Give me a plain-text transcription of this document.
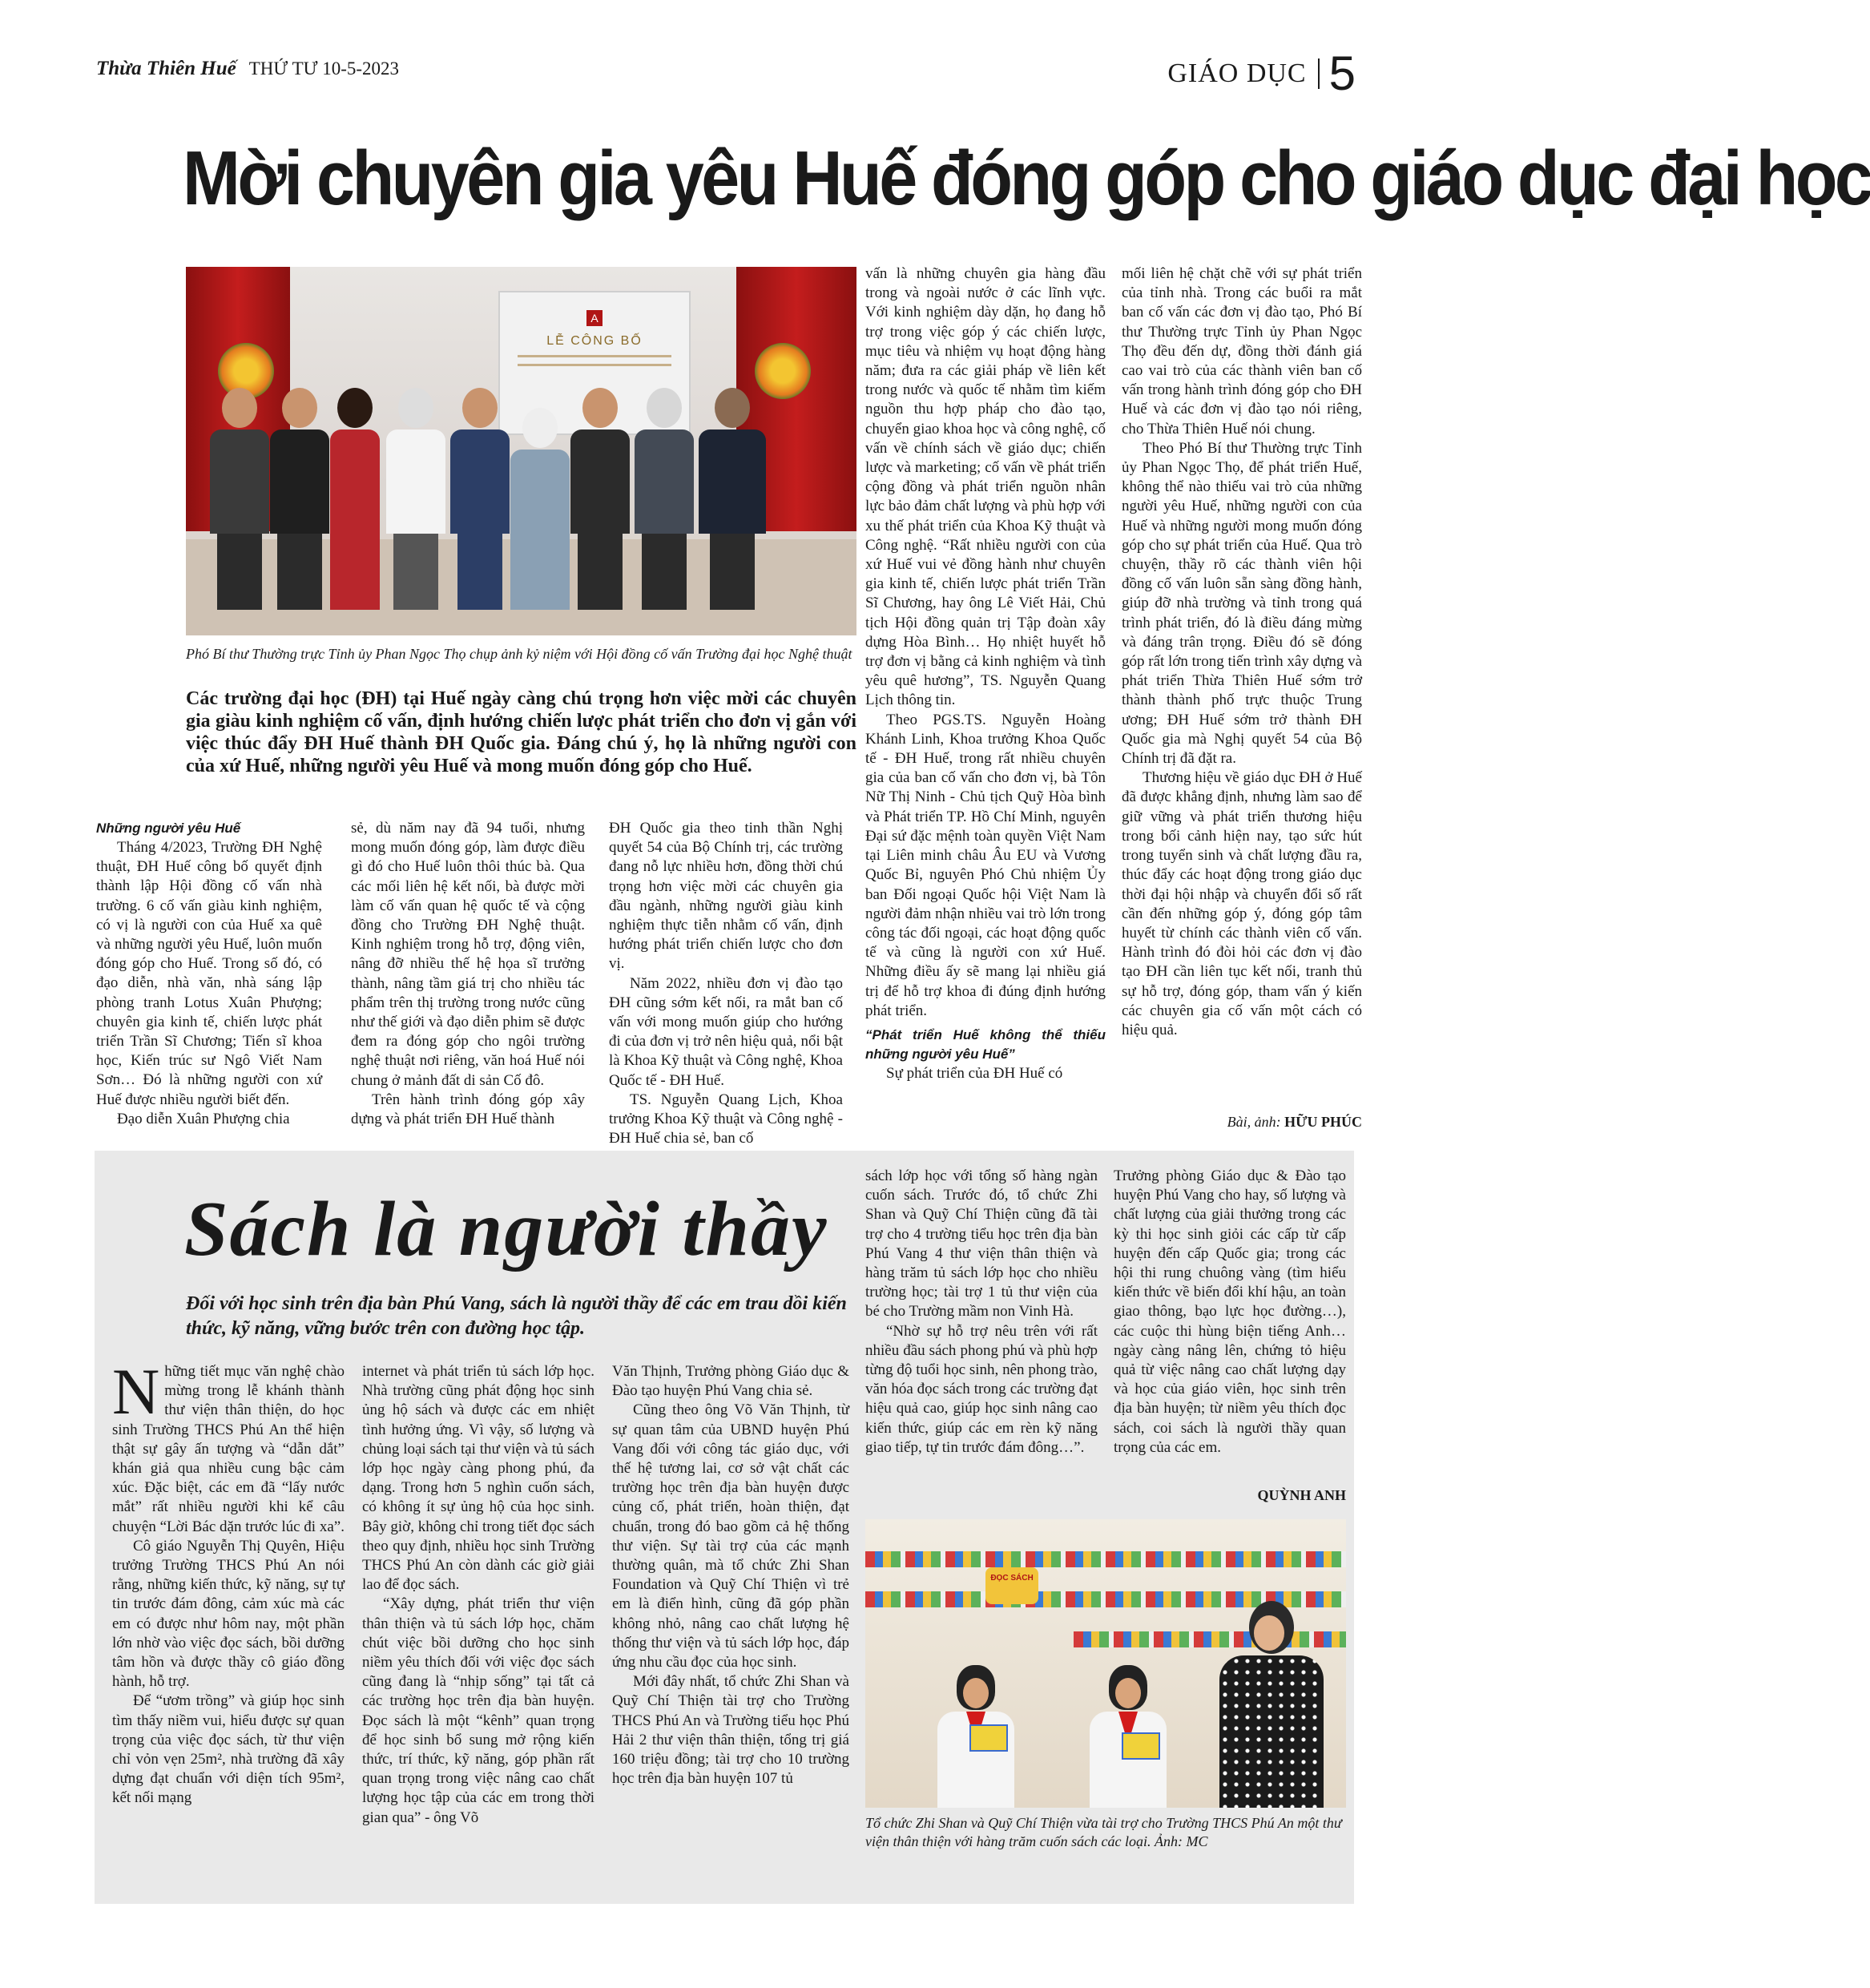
Thừa Thiên Huế THỨ TƯ 10-5-2023	GIÁO DỤC 5
Mời chuyên gia yêu Huế đóng góp cho giáo dục đại học
A
LỄ CÔNG BỐ
Phó Bí thư Thường trực Tỉnh ủy Phan Ngọc Thọ chụp ảnh kỷ niệm với Hội đồng cố vấn Trường đại học Nghệ thuật
Các trường đại học (ĐH) tại Huế ngày càng chú trọng hơn việc mời các chuyên gia giàu kinh nghiệm cố vấn, định hướng chiến lược phát triển cho đơn vị gắn với việc thúc đẩy ĐH Huế thành ĐH Quốc gia. Đáng chú ý, họ là những người con của xứ Huế, những người yêu Huế và mong muốn đóng góp cho Huế.
Những người yêu Huế

Tháng 4/2023, Trường ĐH Nghệ thuật, ĐH Huế công bố quyết định thành lập Hội đồng cố vấn nhà trường. 6 cố vấn giàu kinh nghiệm, có vị là người con của Huế xa quê và những người yêu Huế, luôn muốn đóng góp cho Huế. Trong số đó, có đạo diễn, nhà văn, nhà sáng lập phòng tranh Lotus Xuân Phượng; chuyên gia kinh tế, chiến lược phát triển Trần Sĩ Chương; Tiến sĩ khoa học, Kiến trúc sư Ngô Viết Nam Sơn… Đó là những người con xứ Huế được nhiều người biết đến.

Đạo diễn Xuân Phượng chia

sẻ, dù năm nay đã 94 tuổi, nhưng mong muốn đóng góp, làm được điều gì đó cho Huế luôn thôi thúc bà. Qua các mối liên hệ kết nối, bà được mời làm cố vấn quan hệ quốc tế và cộng đồng cho Trường ĐH Nghệ thuật. Kinh nghiệm trong hỗ trợ, động viên, nâng đỡ nhiều thế hệ họa sĩ trưởng thành, nâng tầm giá trị cho nhiều tác phẩm trên thị trường trong nước cũng như thế giới và đạo diễn phim sẽ được đem ra đóng góp cho ngôi trường nghệ thuật nơi riêng, văn hoá Huế nói chung ở mảnh đất di sản Cố đô.

Trên hành trình đóng góp xây dựng và phát triển ĐH Huế thành

ĐH Quốc gia theo tinh thần Nghị quyết 54 của Bộ Chính trị, các trường đang nỗ lực nhiều hơn, đồng thời chú trọng hơn việc mời các chuyên gia đầu ngành, những người giàu kinh nghiệm thực tiễn nhằm cố vấn, định hướng phát triển chiến lược cho đơn vị.

Năm 2022, nhiều đơn vị đào tạo ĐH cũng sớm kết nối, ra mắt ban cố vấn với mong muốn giúp cho hướng đi của đơn vị trở nên hiệu quả, nổi bật là Khoa Kỹ thuật và Công nghệ, Khoa Quốc tế - ĐH Huế.

TS. Nguyễn Quang Lịch, Khoa trưởng Khoa Kỹ thuật và Công nghệ - ĐH Huế chia sẻ, ban cố

vấn là những chuyên gia hàng đầu trong và ngoài nước ở các lĩnh vực. Với kinh nghiệm dày dặn, họ đang hỗ trợ trong việc góp ý các chiến lược, mục tiêu và nhiệm vụ hoạt động hàng năm; đưa ra các giải pháp về liên kết trong nước và quốc tế nhằm tìm kiếm nguồn thu hợp pháp cho đào tạo, chuyển giao khoa học và công nghệ, cố vấn về chính sách về giáo dục; chiến lược và marketing; cố vấn về phát triển cộng đồng và phát triển nguồn nhân lực bảo đảm chất lượng và phù hợp với xu thế phát triển của Khoa Kỹ thuật và Công nghệ. “Rất nhiều người con của xứ Huế vui vẻ đồng hành như chuyên gia kinh tế, chiến lược phát triển Trần Sĩ Chương, hay ông Lê Viết Hải, Chủ tịch Hội đồng quản trị Tập đoàn xây dựng Hòa Bình… Họ nhiệt huyết hỗ trợ đơn vị bằng cả kinh nghiệm và tình yêu quê hương”, TS. Nguyễn Quang Lịch thông tin.

Theo PGS.TS. Nguyễn Hoàng Khánh Linh, Khoa trưởng Khoa Quốc tế - ĐH Huế, trong rất nhiều chuyên gia của ban cố vấn cho đơn vị, bà Tôn Nữ Thị Ninh - Chủ tịch Quỹ Hòa bình và Phát triển TP. Hồ Chí Minh, nguyên Đại sứ đặc mệnh toàn quyền Việt Nam tại Liên minh châu Âu EU và Vương Quốc Bỉ, nguyên Phó Chủ nhiệm Ủy ban Đối ngoại Quốc hội Việt Nam là người đảm nhận nhiều vai trò lớn trong công tác đối ngoại, các hoạt động quốc tế và cũng là người con xứ Huế. Những điều ấy sẽ mang lại nhiều giá trị để hỗ trợ khoa đi đúng định hướng phát triển.

“Phát triển Huế không thể thiếu những người yêu Huế”

Sự phát triển của ĐH Huế có

mối liên hệ chặt chẽ với sự phát triển của tỉnh nhà. Trong các buổi ra mắt ban cố vấn các đơn vị đào tạo, Phó Bí thư Thường trực Tỉnh ủy Phan Ngọc Thọ đều đến dự, đồng thời đánh giá cao vai trò của các thành viên ban cố vấn trong hành trình đóng góp cho ĐH Huế và các đơn vị đào tạo nói riêng, cho Thừa Thiên Huế nói chung.

Theo Phó Bí thư Thường trực Tỉnh ủy Phan Ngọc Thọ, để phát triển Huế, không thể nào thiếu vai trò của những người yêu Huế, những người con của Huế và những người mong muốn đóng góp cho sự phát triển của Huế. Qua trò chuyện, thầy rõ các thành viên hội đồng cố vấn luôn sẵn sàng đồng hành, giúp đỡ nhà trường và tỉnh trong quá trình phát triển, đó là điều đáng mừng và đáng trân trọng. Điều đó sẽ đóng góp rất lớn trong tiến trình xây dựng và phát triển Thừa Thiên Huế sớm trở thành thành phố trực thuộc Trung ương; ĐH Huế sớm trở thành ĐH Quốc gia mà Nghị quyết 54 của Bộ Chính trị đã đặt ra.

Thương hiệu về giáo dục ĐH ở Huế đã được khẳng định, nhưng làm sao để giữ vững và phát triển thương hiệu trong bối cảnh hiện nay, tạo sức hút trong tuyển sinh và chất lượng đầu ra, thúc đẩy các hoạt động trong giáo dục thời đại hội nhập và chuyển đổi số rất cần đến những góp ý, đóng góp tâm huyết từ chính các thành viên cố vấn. Hành trình đó đòi hỏi các đơn vị đào tạo ĐH cần liên tục kết nối, tranh thủ sự hỗ trợ, đóng góp, tham vấn ý kiến các chuyên gia cố vấn một cách có hiệu quả.

Bài, ảnh: HỮU PHÚC
Sách là người thầy
Đối với học sinh trên địa bàn Phú Vang, sách là người thầy để các em trau dồi kiến thức, kỹ năng, vững bước trên con đường học tập.

Những tiết mục văn nghệ chào mừng trong lễ khánh thành thư viện thân thiện, do học sinh Trường THCS Phú An thể hiện thật sự gây ấn tượng và “dẫn dắt” khán giả qua nhiều cung bậc cảm xúc. Đặc biệt, các em đã “lấy nước mắt” rất nhiều người khi kể câu chuyện “Lời Bác dặn trước lúc đi xa”.

Cô giáo Nguyễn Thị Quyên, Hiệu trưởng Trường THCS Phú An nói rằng, những kiến thức, kỹ năng, sự tự tin trước đám đông, cảm xúc mà các em có được như hôm nay, một phần lớn nhờ vào việc đọc sách, bồi dưỡng tâm hồn và được thầy cô giáo đồng hành, hỗ trợ.

Để “ươm trồng” và giúp học sinh tìm thấy niềm vui, hiểu được sự quan trọng của việc đọc sách, từ thư viện chỉ vỏn vẹn 25m², nhà trường đã xây dựng đạt chuẩn với diện tích 95m², kết nối mạng

internet và phát triển tủ sách lớp học. Nhà trường cũng phát động học sinh ủng hộ sách và được các em nhiệt tình hưởng ứng. Vì vậy, số lượng và chủng loại sách tại thư viện và tủ sách lớp học ngày càng phong phú, đa dạng. Trong hơn 5 nghìn cuốn sách, có không ít sự ủng hộ của học sinh. Bây giờ, không chỉ trong tiết đọc sách theo quy định, nhiều học sinh Trường THCS Phú An còn dành các giờ giải lao để đọc sách.

“Xây dựng, phát triển thư viện thân thiện và tủ sách lớp học, chăm chút việc bồi dưỡng cho học sinh niềm yêu thích đối với việc đọc sách cũng đang là “nhịp sống” tại tất cả các trường học trên địa bàn huyện. Đọc sách là một “kênh” quan trọng để học sinh bổ sung mở rộng kiến thức, trí thức, kỹ năng, góp phần rất quan trọng trong việc nâng cao chất lượng học tập của các em trong thời gian qua” - ông Võ

Văn Thịnh, Trưởng phòng Giáo dục & Đào tạo huyện Phú Vang chia sẻ.

Cũng theo ông Võ Văn Thịnh, từ sự quan tâm của UBND huyện Phú Vang đối với công tác giáo dục, với thế hệ tương lai, cơ sở vật chất các trường học trên địa bàn huyện được củng cố, phát triển, hoàn thiện, đạt chuẩn, trong đó bao gồm cả hệ thống thư viện. Sự tài trợ của các mạnh thường quân, mà tổ chức Zhi Shan Foundation và Quỹ Chí Thiện vì trẻ em là điển hình, cũng đã góp phần không nhỏ, nâng cao chất lượng hệ thống thư viện và tủ sách lớp học, đáp ứng nhu cầu đọc của học sinh.

Mới đây nhất, tổ chức Zhi Shan và Quỹ Chí Thiện tài trợ cho Trường THCS Phú An và Trường tiểu học Phú Hải 2 thư viện thân thiện, tổng trị giá 160 triệu đồng; tài trợ cho 10 trường học trên địa bàn huyện 107 tủ

sách lớp học với tổng số hàng ngàn cuốn sách. Trước đó, tổ chức Zhi Shan và Quỹ Chí Thiện cũng đã tài trợ cho 4 trường tiểu học trên địa bàn Phú Vang 4 thư viện thân thiện và hàng trăm tủ sách lớp học cho nhiều trường học; tài trợ 1 tủ thư viện của bé cho Trường mầm non Vinh Hà.

“Nhờ sự hỗ trợ nêu trên với rất nhiều đầu sách phong phú và phù hợp từng độ tuổi học sinh, nên phong trào, văn hóa đọc sách trong các trường đạt hiệu quả cao, giúp học sinh nâng cao kiến thức, giúp các em rèn kỹ năng giao tiếp, tự tin trước đám đông…”.

Trưởng phòng Giáo dục & Đào tạo huyện Phú Vang cho hay, số lượng và chất lượng của giải thưởng trong các kỳ thi học sinh giỏi các cấp từ cấp huyện đến cấp Quốc gia; trong các hội thi rung chuông vàng (tìm hiểu kiến thức về biến đổi khí hậu, an toàn giao thông, bạo lực học đường…), các cuộc thi hùng biện tiếng Anh… ngày càng nâng lên, chứng tỏ hiệu quả từ việc nâng cao chất lượng dạy và học của giáo viên, học sinh trên địa bàn huyện; từ niềm yêu thích đọc sách, coi sách là người thầy quan trọng của các em.

QUỲNH ANH
ĐỌC SÁCH
Tổ chức Zhi Shan và Quỹ Chí Thiện vừa tài trợ cho Trường THCS Phú An một thư viện thân thiện với hàng trăm cuốn sách các loại. Ảnh: MC
